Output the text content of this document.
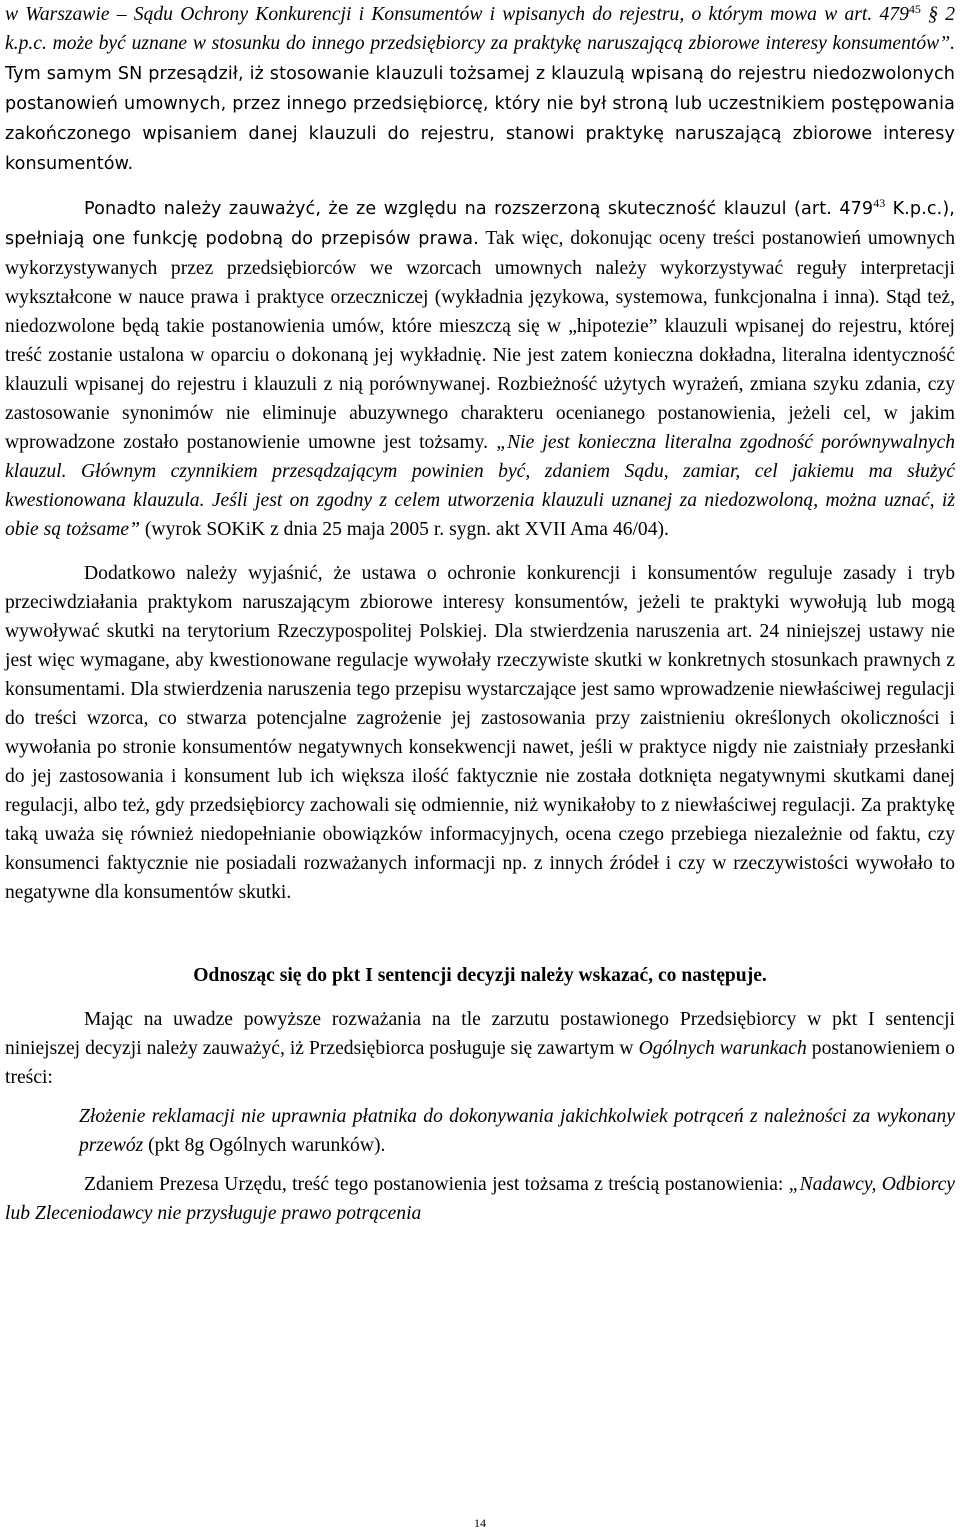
w Warszawie – Sądu Ochrony Konkurencji i Konsumentów i wpisanych do rejestru, o którym mowa w art. $479^{45}$ § 2 k.p.c. może być uznane w stosunku do innego przedsiębiorcy za praktykę naruszającą zbiorowe interesy konsumentów”. Tym samym SN przesądził, iż stosowanie klauzuli tożsamej z klauzulą wpisaną do rejestru niedozwolonych postanowień umownych, przez innego przedsiębiorcę, który nie był stroną lub uczestnikiem postępowania zakończonego wpisaniem danej klauzuli do rejestru, stanowi praktykę naruszającą zbiorowe interesy konsumentów.

Ponadto należy zauważyć, że ze względu na rozszerzoną skuteczność klauzul (art. $479^{43}$ K.p.c.), spełniają one funkcję podobną do przepisów prawa. Tak więc, dokonując oceny treści postanowień umownych wykorzystywanych przez przedsiębiorców we wzorcach umownych należy wykorzystywać reguły interpretacji wykształcone w nauce prawa i praktyce orzeczniczej (wykładnia językowa, systemowa, funkcjonalna i inna). Stąd też, niedozwolone będą takie postanowienia umów, które mieszczą się w „hipotezie” klauzuli wpisanej do rejestru, której treść zostanie ustalona w oparciu o dokonaną jej wykładnię. Nie jest zatem konieczna dokładna, literalna identyczność klauzuli wpisanej do rejestru i klauzuli z nią porównywanej. Rozbieżność użytych wyrażeń, zmiana szyku zdania, czy zastosowanie synonimów nie eliminuje abuzywnego charakteru ocenianego postanowienia, jeżeli cel, w jakim wprowadzone zostało postanowienie umowne jest tożsamy. „Nie jest konieczna literalna zgodność porównywalnych klauzul. Głównym czynnikiem przesądzającym powinien być, zdaniem Sądu, zamiar, cel jakiemu ma służyć kwestionowana klauzula. Jeśli jest on zgodny z celem utworzenia klauzuli uznanej za niedozwoloną, można uznać, iż obie są tożsame” (wyrok SOKiK z dnia 25 maja 2005 r. sygn. akt XVII Ama 46/04).

Dodatkowo należy wyjaśnić, że ustawa o ochronie konkurencji i konsumentów reguluje zasady i tryb przeciwdziałania praktykom naruszającym zbiorowe interesy konsumentów, jeżeli te praktyki wywołują lub mogą wywoływać skutki na terytorium Rzeczypospolitej Polskiej. Dla stwierdzenia naruszenia art. 24 niniejszej ustawy nie jest więc wymagane, aby kwestionowane regulacje wywołały rzeczywiste skutki w konkretnych stosunkach prawnych z konsumentami. Dla stwierdzenia naruszenia tego przepisu wystarczające jest samo wprowadzenie niewłaściwej regulacji do treści wzorca, co stwarza potencjalne zagrożenie jej zastosowania przy zaistnieniu określonych okoliczności i wywołania po stronie konsumentów negatywnych konsekwencji nawet, jeśli w praktyce nigdy nie zaistniały przesłanki do jej zastosowania i konsument lub ich większa ilość faktycznie nie została dotknięta negatywnymi skutkami danej regulacji, albo też, gdy przedsiębiorcy zachowali się odmiennie, niż wynikałoby to z niewłaściwej regulacji. Za praktykę taką uważa się również niedopełnianie obowiązków informacyjnych, ocena czego przebiega niezależnie od faktu, czy konsumenci faktycznie nie posiadali rozważanych informacji np. z innych źródeł i czy w rzeczywistości wywołało to negatywne dla konsumentów skutki.

Odnosząc się do pkt I sentencji decyzji należy wskazać, co następuje.

Mając na uwadze powyższe rozważania na tle zarzutu postawionego Przedsiębiorcy w pkt I sentencji niniejszej decyzji należy zauważyć, iż Przedsiębiorca posługuje się zawartym w Ogólnych warunkach postanowieniem o treści:

Złożenie reklamacji nie uprawnia płatnika do dokonywania jakichkolwiek potrąceń z należności za wykonany przewóz (pkt 8g Ogólnych warunków).

Zdaniem Prezesa Urzędu, treść tego postanowienia jest tożsama z treścią postanowienia: „Nadawcy, Odbiorcy lub Zleceniodawcy nie przysługuje prawo potrącenia

14
